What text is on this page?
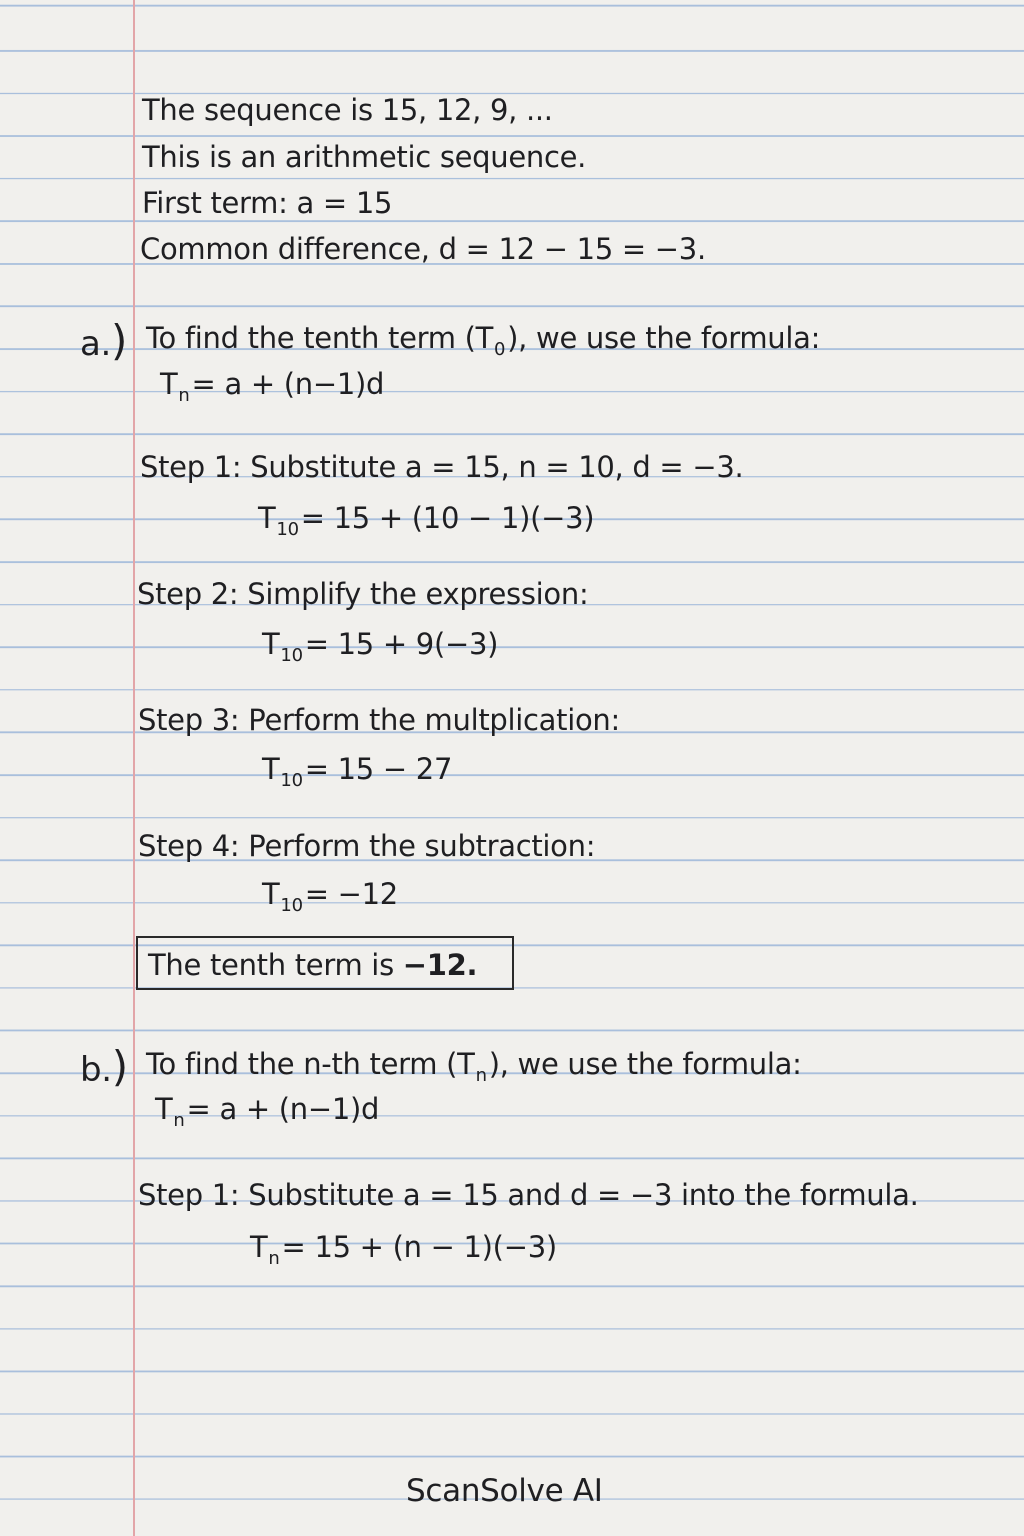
The sequence is 15, 12, 9, ...
This is an arithmetic sequence.
First term: a = 15
Common difference, d = 12 − 15 = −3.
a.) To find the tenth term $(T_0)$, we use the formula:
$T_n= a + (n-1)d$
Step 1: Substitute a = 15, n = 10, d = −3.
$T_{10}= 15 + (10 - 1)(-3)$
Step 2: Simplify the expression:
$T_{10}= 15 + 9(-3)$
Step 3: Perform the multplication:
$T_{10}= 15 - 27$
Step 4: Perform the subtraction:
$T_{10}= -12$
The tenth term is −12.
b.) To find the n-th term $(T_n)$, we use the formula:
$T_n= a + (n-1)d$
Step 1: Substitute a = 15 and d = −3 into the formula.
$T_n= 15 + (n - 1)(-3)$
ScanSolve AI
